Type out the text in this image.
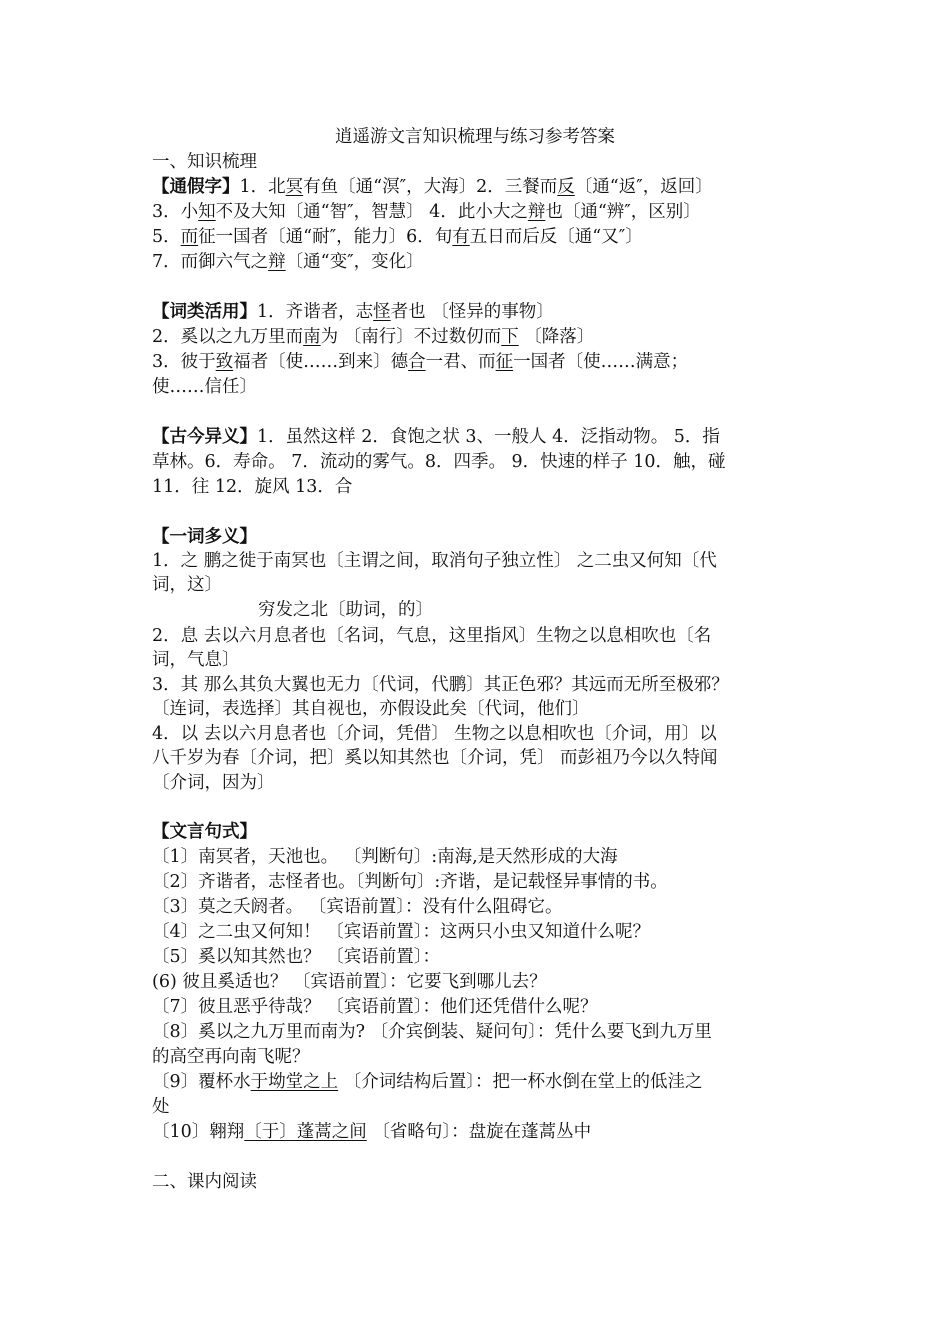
逍遥游文言知识梳理与练习参考答案
一、知识梳理
【通假字】1．北冥有鱼〔通“溟″，大海〕2．三餐而反〔通“返″，返回〕
3．小知不及大知〔通“智″，智慧〕 4．此小大之辩也〔通“辨″，区别〕
5．而征一国者〔通“耐″，能力〕6．旬有五日而后反〔通“又″〕
7．而御六气之辩〔通“变″，变化〕
【词类活用】1．齐谐者，志怪者也 〔怪异的事物〕
2．奚以之九万里而南为 〔南行〕不过数仞而下 〔降落〕
3．彼于致福者〔使……到来〕德合一君、而征一国者〔使……满意；
使……信任〕
【古今异义】1．虽然这样 2．食饱之状 3、一般人 4．泛指动物。 5．指
草林。6．寿命。 7．流动的雾气。8．四季。 9．快速的样子 10．触，碰
11．往 12．旋风 13．合
【一词多义】
1．之 鹏之徙于南冥也〔主谓之间，取消句子独立性〕 之二虫又何知〔代
词，这〕
穷发之北〔助词，的〕
2．息 去以六月息者也〔名词，气息，这里指风〕生物之以息相吹也〔名
词，气息〕
3．其 那么其负大翼也无力〔代词，代鹏〕其正色邪？其远而无所至极邪？
〔连词，表选择〕其自视也，亦假设此矣〔代词，他们〕
4．以 去以六月息者也〔介词，凭借〕 生物之以息相吹也〔介词，用〕以
八千岁为春〔介词，把〕奚以知其然也〔介词，凭〕 而彭祖乃今以久特闻
〔介词，因为〕
【文言句式】
〔1〕南冥者，天池也。 〔判断句〕:南海,是天然形成的大海
〔2〕齐谐者，志怪者也。〔判断句〕:齐谐，是记载怪异事情的书。
〔3〕莫之夭阏者。 〔宾语前置〕：没有什么阻碍它。
〔4〕之二虫又何知！ 〔宾语前置〕：这两只小虫又知道什么呢？
〔5〕奚以知其然也？ 〔宾语前置〕：
(6) 彼且奚适也？ 〔宾语前置〕：它要飞到哪儿去？
〔7〕彼且恶乎待哉？ 〔宾语前置〕：他们还凭借什么呢？
〔8〕奚以之九万里而南为? 〔介宾倒装、疑问句〕：凭什么要飞到九万里
的高空再向南飞呢？
〔9〕覆杯水于坳堂之上 〔介词结构后置〕：把一杯水倒在堂上的低洼之
处
〔10〕翱翔〔于〕蓬蒿之间 〔省略句〕：盘旋在蓬蒿丛中
二、课内阅读
